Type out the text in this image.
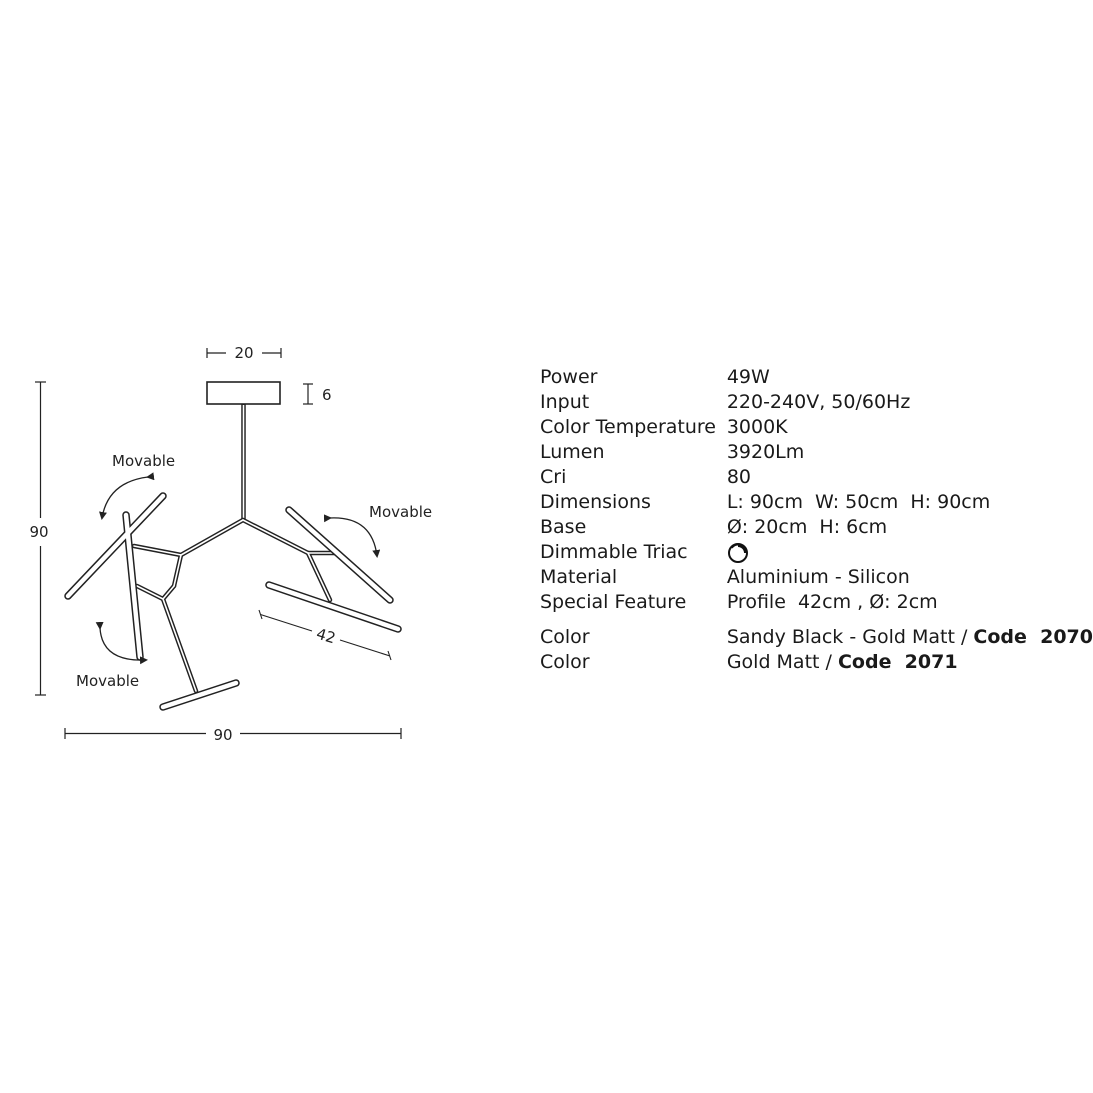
20
6
90
90
42
Movable
Movable
Movable
Power	49W
Input	220-240V, 50/60Hz
Color Temperature	3000K
Lumen	3920Lm
Cri	80
Dimensions	L: 90cm  W: 50cm  H: 90cm
Base	Ø: 20cm  H: 6cm
Dimmable Triac	
Material	Aluminium - Silicon
Special Feature	Profile  42cm , Ø: 2cm

Color	Sandy Black - Gold Matt / Code  2070
Color	Gold Matt / Code  2071
